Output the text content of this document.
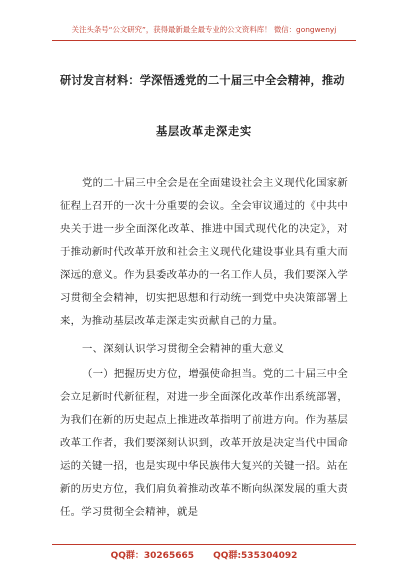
关注头条号“公文研究”，获得最新最全最专业的公文资料库！ 微信：gongwenyj
研讨发言材料：学深悟透党的二十届三中全会精神，推动
基层改革走深走实

党的二十届三中全会是在全面建设社会主义现代化国家新征程上召开的一次十分重要的会议。全会审议通过的《中共中央关于进一步全面深化改革、推进中国式现代化的决定》，对于推动新时代改革开放和社会主义现代化建设事业具有重大而深远的意义。作为县委改革办的一名工作人员，我们要深入学习贯彻全会精神，切实把思想和行动统一到党中央决策部署上来，为推动基层改革走深走实贡献自己的力量。

一、深刻认识学习贯彻全会精神的重大意义

（一）把握历史方位，增强使命担当。党的二十届三中全会立足新时代新征程，对进一步全面深化改革作出系统部署，为我们在新的历史起点上推进改革指明了前进方向。作为基层改革工作者，我们要深刻认识到，改革开放是决定当代中国命运的关键一招，也是实现中华民族伟大复兴的关键一招。站在新的历史方位，我们肩负着推动改革不断向纵深发展的重大责任。学习贯彻全会精神，就是

QQ群：30265665 QQ群:535304092
